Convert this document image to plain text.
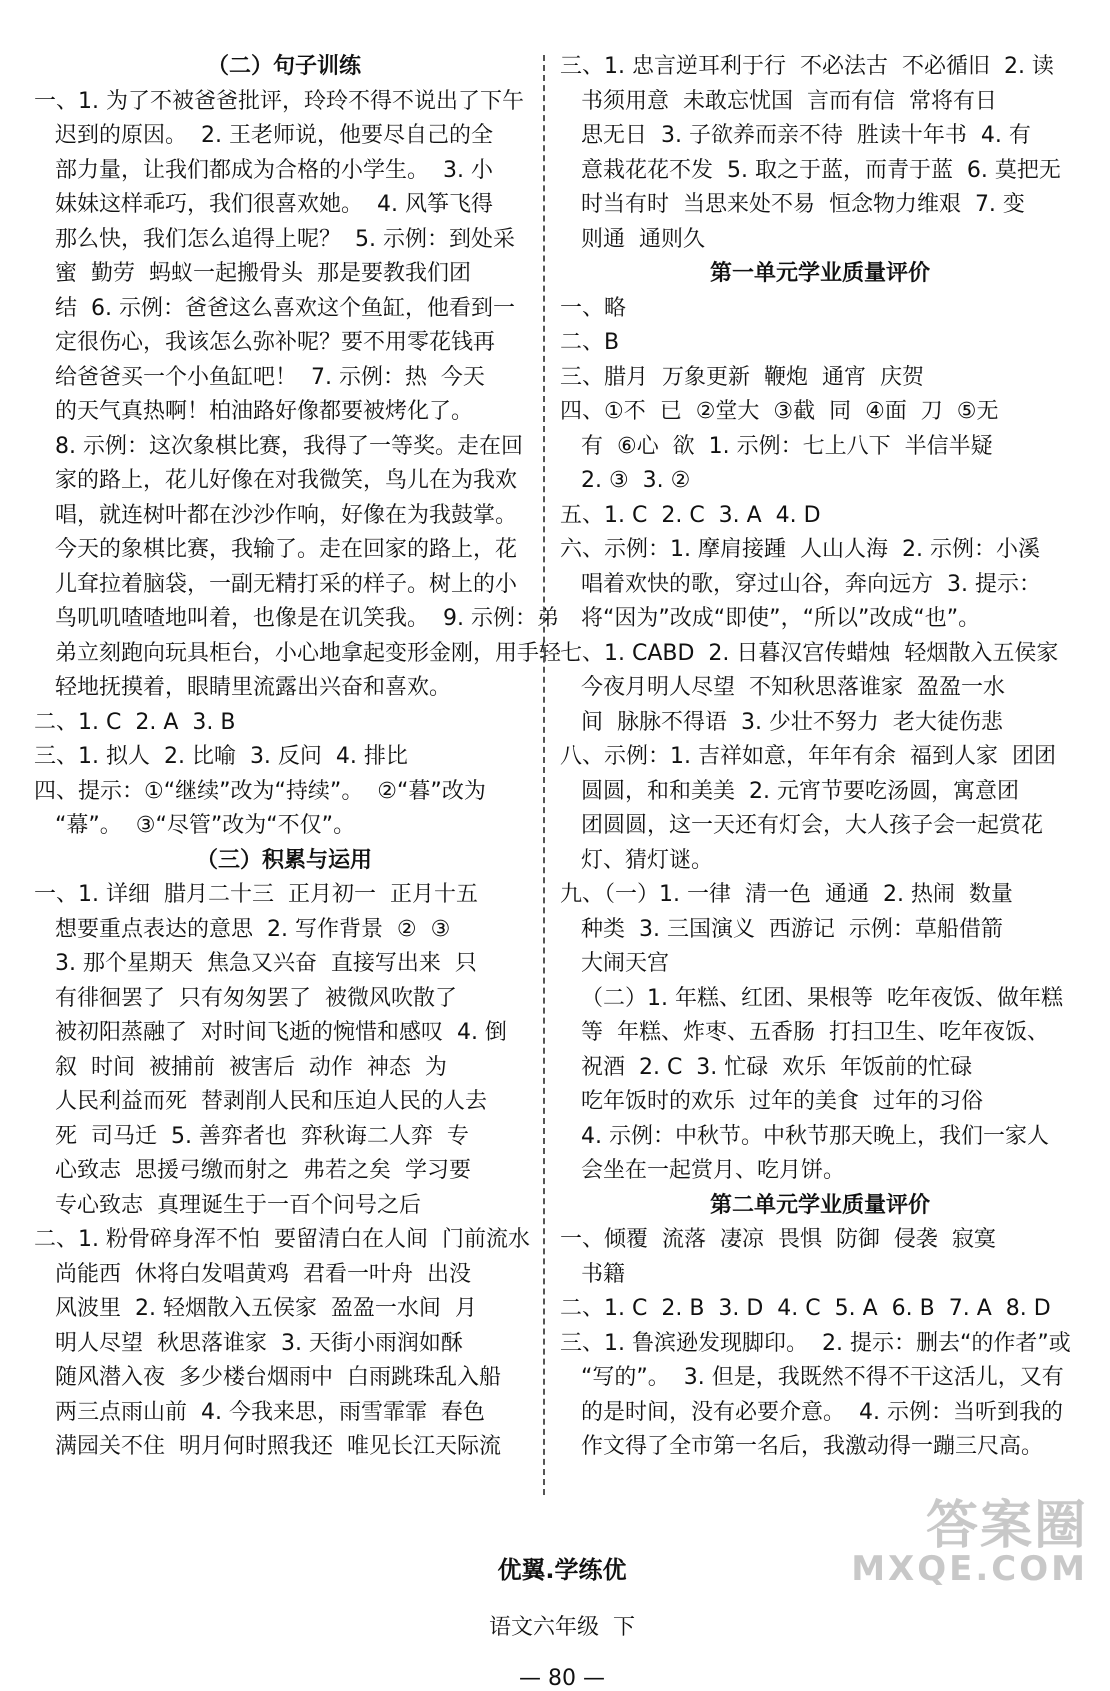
（二）句子训练
一、1. 为了不被爸爸批评，玲玲不得不说出了下午
迟到的原因。  2. 王老师说，他要尽自己的全
部力量，让我们都成为合格的小学生。  3. 小
妹妹这样乖巧，我们很喜欢她。  4. 风筝飞得
那么快，我们怎么追得上呢？  5. 示例：到处采
蜜  勤劳  蚂蚁一起搬骨头  那是要教我们团
结  6. 示例：爸爸这么喜欢这个鱼缸，他看到一
定很伤心，我该怎么弥补呢？要不用零花钱再
给爸爸买一个小鱼缸吧！  7. 示例：热  今天
的天气真热啊！柏油路好像都要被烤化了。
8. 示例：这次象棋比赛，我得了一等奖。走在回
家的路上，花儿好像在对我微笑，鸟儿在为我欢
唱，就连树叶都在沙沙作响，好像在为我鼓掌。
今天的象棋比赛，我输了。走在回家的路上，花
儿耷拉着脑袋，一副无精打采的样子。树上的小
鸟叽叽喳喳地叫着，也像是在讥笑我。  9. 示例：弟
弟立刻跑向玩具柜台，小心地拿起变形金刚，用手轻
轻地抚摸着，眼睛里流露出兴奋和喜欢。
二、1. C  2. A  3. B
三、1. 拟人  2. 比喻  3. 反问  4. 排比
四、提示：①“继续”改为“持续”。  ②“暮”改为
“幕”。  ③“尽管”改为“不仅”。
（三）积累与运用
一、1. 详细  腊月二十三  正月初一  正月十五
想要重点表达的意思  2. 写作背景  ②  ③
3. 那个星期天  焦急又兴奋  直接写出来  只
有徘徊罢了  只有匆匆罢了  被微风吹散了
被初阳蒸融了  对时间飞逝的惋惜和感叹  4. 倒
叙  时间  被捕前  被害后  动作  神态  为
人民利益而死  替剥削人民和压迫人民的人去
死  司马迁  5. 善弈者也  弈秋诲二人弈  专
心致志  思援弓缴而射之  弗若之矣  学习要
专心致志  真理诞生于一百个问号之后
二、1. 粉骨碎身浑不怕  要留清白在人间  门前流水
尚能西  休将白发唱黄鸡  君看一叶舟  出没
风波里  2. 轻烟散入五侯家  盈盈一水间  月
明人尽望  秋思落谁家  3. 天街小雨润如酥
随风潜入夜  多少楼台烟雨中  白雨跳珠乱入船
两三点雨山前  4. 今我来思，雨雪霏霏  春色
满园关不住  明月何时照我还  唯见长江天际流
三、1. 忠言逆耳利于行  不必法古  不必循旧  2. 读
书须用意  未敢忘忧国  言而有信  常将有日
思无日  3. 子欲养而亲不待  胜读十年书  4. 有
意栽花花不发  5. 取之于蓝，而青于蓝  6. 莫把无
时当有时  当思来处不易  恒念物力维艰  7. 变
则通  通则久
第一单元学业质量评价
一、略
二、B
三、腊月  万象更新  鞭炮  通宵  庆贺
四、①不  已  ②堂大  ③截  同  ④面  刀  ⑤无
有  ⑥心  欲  1. 示例：七上八下  半信半疑
2. ③  3. ②
五、1. C  2. C  3. A  4. D
六、示例：1. 摩肩接踵  人山人海  2. 示例：小溪
唱着欢快的歌，穿过山谷，奔向远方  3. 提示：
将“因为”改成“即使”，“所以”改成“也”。
七、1. CABD  2. 日暮汉宫传蜡烛  轻烟散入五侯家
今夜月明人尽望  不知秋思落谁家  盈盈一水
间  脉脉不得语  3. 少壮不努力  老大徒伤悲
八、示例：1. 吉祥如意，年年有余  福到人家  团团
圆圆，和和美美  2. 元宵节要吃汤圆，寓意团
团圆圆，这一天还有灯会，大人孩子会一起赏花
灯、猜灯谜。
九、（一）1. 一律  清一色  通通  2. 热闹  数量
种类  3. 三国演义  西游记  示例：草船借箭
大闹天宫
（二）1. 年糕、红团、果根等  吃年夜饭、做年糕
等  年糕、炸枣、五香肠  打扫卫生、吃年夜饭、
祝酒  2. C  3. 忙碌  欢乐  年饭前的忙碌
吃年饭时的欢乐  过年的美食  过年的习俗
4. 示例：中秋节。中秋节那天晚上，我们一家人
会坐在一起赏月、吃月饼。
第二单元学业质量评价
一、倾覆  流落  凄凉  畏惧  防御  侵袭  寂寞
书籍
二、1. C  2. B  3. D  4. C  5. A  6. B  7. A  8. D
三、1. 鲁滨逊发现脚印。  2. 提示：删去“的作者”或
“写的”。  3. 但是，我既然不得不干这活儿，又有
的是时间，没有必要介意。  4. 示例：当听到我的
作文得了全市第一名后，我激动得一蹦三尺高。

优翼.学练优

语文六年级  下

— 80 —

答案圈
MXQE.COM
